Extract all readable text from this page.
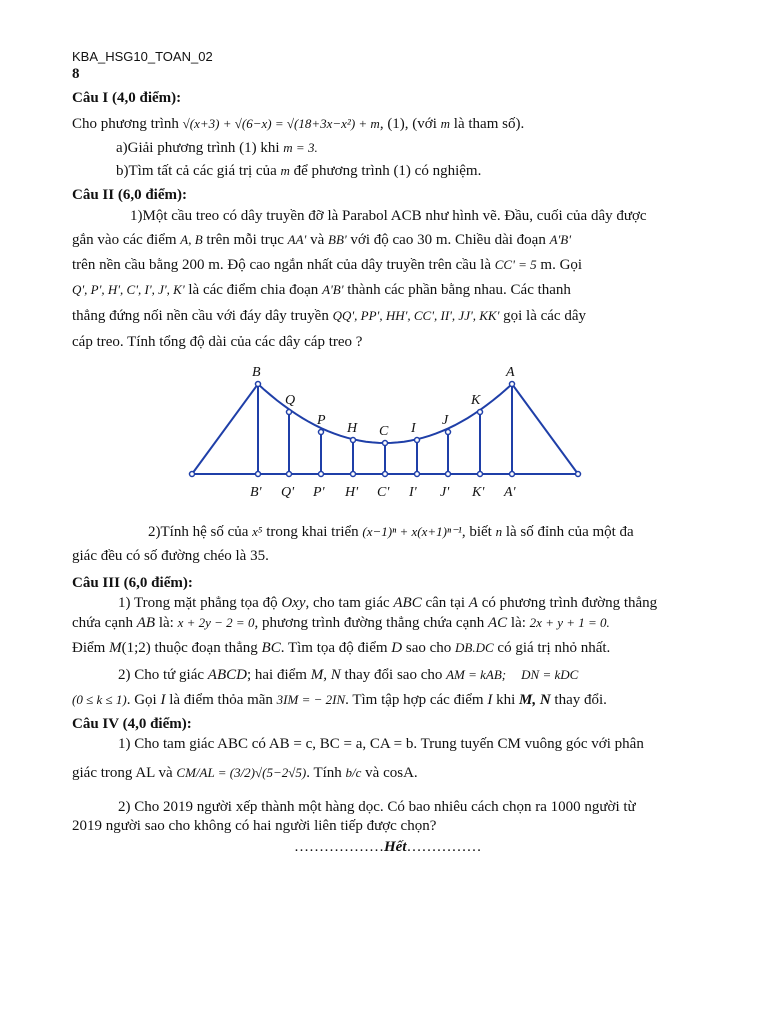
KBA_HSG10_TOAN_02
8
Câu I (4,0 điểm):
Cho phương trình √(x+3) + √(6−x) = √(18+3x−x²) + m, (1), (với m là tham số).
a)Giải phương trình (1) khi m = 3.
b)Tìm tất cả các giá trị của m để phương trình (1) có nghiệm.
Câu II (6,0 điểm):
1)Một cầu treo có dây truyền đỡ là Parabol ACB như hình vẽ. Đầu, cuối của dây được
gắn vào các điểm A, B trên mỗi trục AA' và BB' với độ cao 30 m. Chiều dài đoạn A'B'
trên nền cầu bằng 200 m. Độ cao ngắn nhất của dây truyền trên cầu là CC' = 5 m. Gọi
Q', P', H', C', I', J', K' là các điểm chia đoạn A'B' thành các phần bằng nhau. Các thanh
thẳng đứng nối nền cầu với đáy dây truyền QQ', PP', HH', CC', II', JJ', KK' gọi là các dây
cáp treo. Tính tổng độ dài của các dây cáp treo ?
B
B'
Q
Q'
P
P'
H
H'
C
C'
I
I'
J
J'
K
K'
A
A'
2)Tính hệ số của x⁵ trong khai triển (x−1)ⁿ + x(x+1)ⁿ⁻¹, biết n là số đỉnh của một đa
giác đều có số đường chéo là 35.
Câu III (6,0 điểm):
1) Trong mặt phẳng tọa độ Oxy, cho tam giác ABC cân tại A có phương trình đường thẳng
chứa cạnh AB là: x + 2y − 2 = 0, phương trình đường thẳng chứa cạnh AC là: 2x + y + 1 = 0.
Điểm M(1;2) thuộc đoạn thẳng BC. Tìm tọa độ điểm D sao cho DB.DC có giá trị nhỏ nhất.
2) Cho tứ giác ABCD; hai điểm M, N thay đổi sao cho AM = kAB; DN = kDC
(0 ≤ k ≤ 1). Gọi I là điểm thỏa mãn 3IM = − 2IN. Tìm tập hợp các điểm I khi M, N thay đổi.
Câu IV (4,0 điểm):
1) Cho tam giác ABC có AB = c, BC = a, CA = b. Trung tuyến CM vuông góc với phân
giác trong AL và CM/AL = (3/2)√(5−2√5). Tính b/c và cosA.
2) Cho 2019 người xếp thành một hàng dọc. Có bao nhiêu cách chọn ra 1000 người từ
2019 người sao cho không có hai người liên tiếp được chọn?
………………Hết……………
